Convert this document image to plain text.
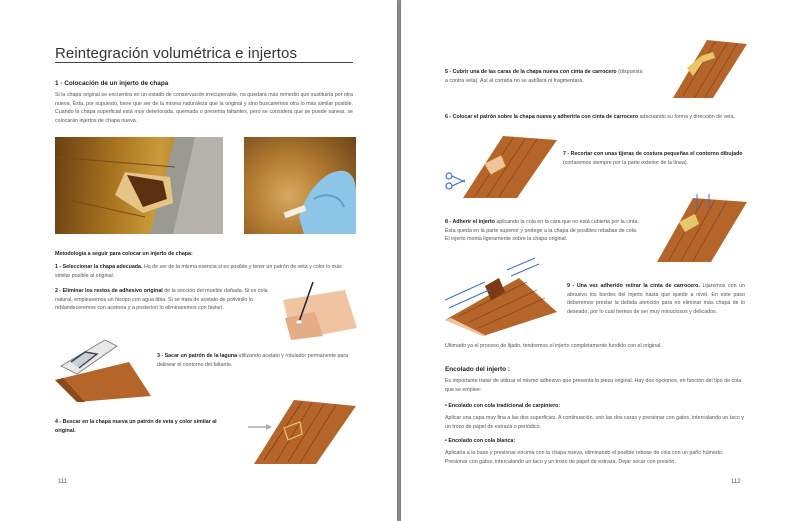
Reintegración volumétrica e injertos
1 - Colocación de un injerto de chapa
Si la chapa original se encuentra en un estado de conservación irrecuperable, no quedará más remedio que sustituirla por otra nueva. Ésta, por supuesto, tiene que ser de la misma naturaleza que la original y sino buscaremos otra lo más similar posible. Cuando la chapa superficial está muy deteriorada, quemada o presenta faltantes, pero se considera que se puede sanear, se colocarán injertos de chapa nueva.
Metodología a seguir para colocar un injerto de chapa:
1 - Seleccionar la chapa adecuada. Ha de ser de la misma esencia si es posible y tener un patrón de veta y color lo más similar posible al original.
2 - Eliminar los restos de adhesivo original de la sección del mueble dañada. Si es cola natural, emplearemos un hisopo con agua tibia. Si se trata de acetato de polivinilo lo reblandeceremos con acetona y a posteriori lo eliminaremos con bisturí.
3 - Sacar un patrón de la laguna utilizando acetato y rotulador permanente para delinear el contorno del faltante.
4 - Buscar en la chapa nueva un patrón de veta y color similar al original.
111
5 - Cubrir una de las caras de la chapa nueva con cinta de carrocero (dispuesta a contra veta). Así al cortarla no se astillará ni fragmentará.
6 - Colocar el patrón sobre la chapa nueva y adherirla con cinta de carrocero adecuando su forma y dirección de veta.
7 - Recortar con unas tijeras de costura pequeñas el contorno dibujado (cortaremos siempre por la parte exterior de la línea).
8 - Adherir el injerto aplicando la cola en la cara que no está cubierta por la cinta. Ésta queda en la parte superior y protege a la chapa de posibles rebabas de cola. El injerto monta ligeramente sobre la chapa original.
9 - Una vez adherido retirar la cinta de carrocero. Lijaremos con un abrasivo los bordes del injerto hasta que quede a nivel. En este paso deberemos prestar la debida atención para no eliminar más chapa de lo deseado, por lo cual hemos de ser muy minuciosos y delicados.
Ultimado ya el proceso de lijado, tendremos el injerto completamente fundido con el original.
Encolado del injerto :
Es importante tratar de utilizar el mismo adhesivo que presenta la pieza original. Hay dos opciones, en función del tipo de cola que se emplee:
• Encolado con cola tradicional de carpintero:
Aplicar una capa muy fina a las dos superficies. A continuación, unir las dos caras y presionar con gatos, intercalando un taco y un trozo de papel de estraza o periódico.
• Encolado con cola blanca:
Aplicarla a la base y presionar encima con la chapa nueva, eliminando el posible rebose de cola con un paño húmedo. Presionar con gatos, intercalando un taco y un trozo de papel de estraza. Dejar secar con presión.
112
